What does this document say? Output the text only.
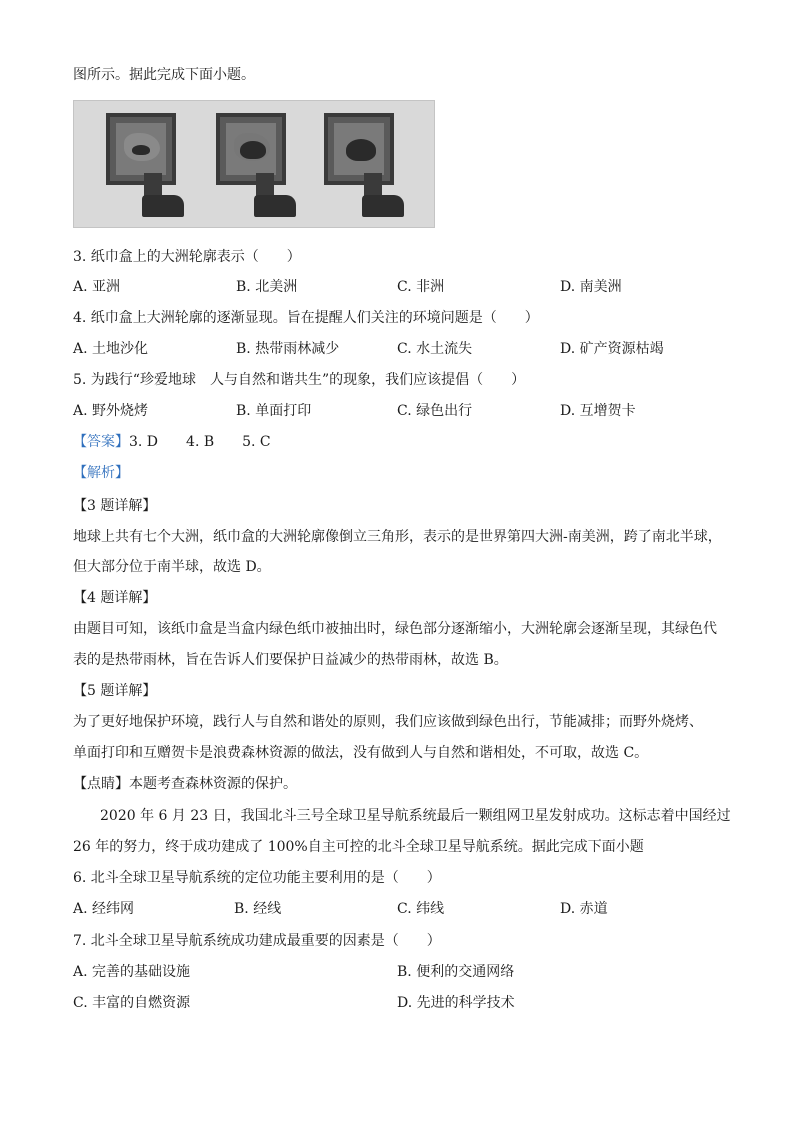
图所示。据此完成下面小题。
3. 纸巾盒上的大洲轮廓表示（　　）
A. 亚洲	B. 北美洲	C. 非洲	D. 南美洲
4. 纸巾盒上大洲轮廓的逐渐显现。旨在提醒人们关注的环境问题是（　　）
A. 土地沙化	B. 热带雨林减少	C. 水土流失	D. 矿产资源枯竭
5. 为践行“珍爱地球　人与自然和谐共生”的现象，我们应该提倡（　　）
A. 野外烧烤	B. 单面打印	C. 绿色出行	D. 互增贺卡
【答案】3. D　　4. B　　5. C
【解析】
【3 题详解】
地球上共有七个大洲，纸巾盒的大洲轮廓像倒立三角形，表示的是世界第四大洲-南美洲，跨了南北半球，
但大部分位于南半球，故选 D。
【4 题详解】
由题目可知，该纸巾盒是当盒内绿色纸巾被抽出时，绿色部分逐渐缩小，大洲轮廓会逐渐呈现，其绿色代
表的是热带雨林，旨在告诉人们要保护日益减少的热带雨林，故选 B。
【5 题详解】
为了更好地保护环境，践行人与自然和谐处的原则，我们应该做到绿色出行，节能减排；而野外烧烤、
单面打印和互赠贺卡是浪费森林资源的做法，没有做到人与自然和谐相处，不可取，故选 C。
【点睛】本题考查森林资源的保护。
2020 年 6 月 23 日，我国北斗三号全球卫星导航系统最后一颗组网卫星发射成功。这标志着中国经过
26 年的努力，终于成功建成了 100%自主可控的北斗全球卫星导航系统。据此完成下面小题
6. 北斗全球卫星导航系统的定位功能主要利用的是（　　）
A. 经纬网	B. 经线	C. 纬线	D. 赤道
7. 北斗全球卫星导航系统成功建成最重要的因素是（　　）
A. 完善的基础设施	B. 便利的交通网络
C. 丰富的自燃资源	D. 先进的科学技术
